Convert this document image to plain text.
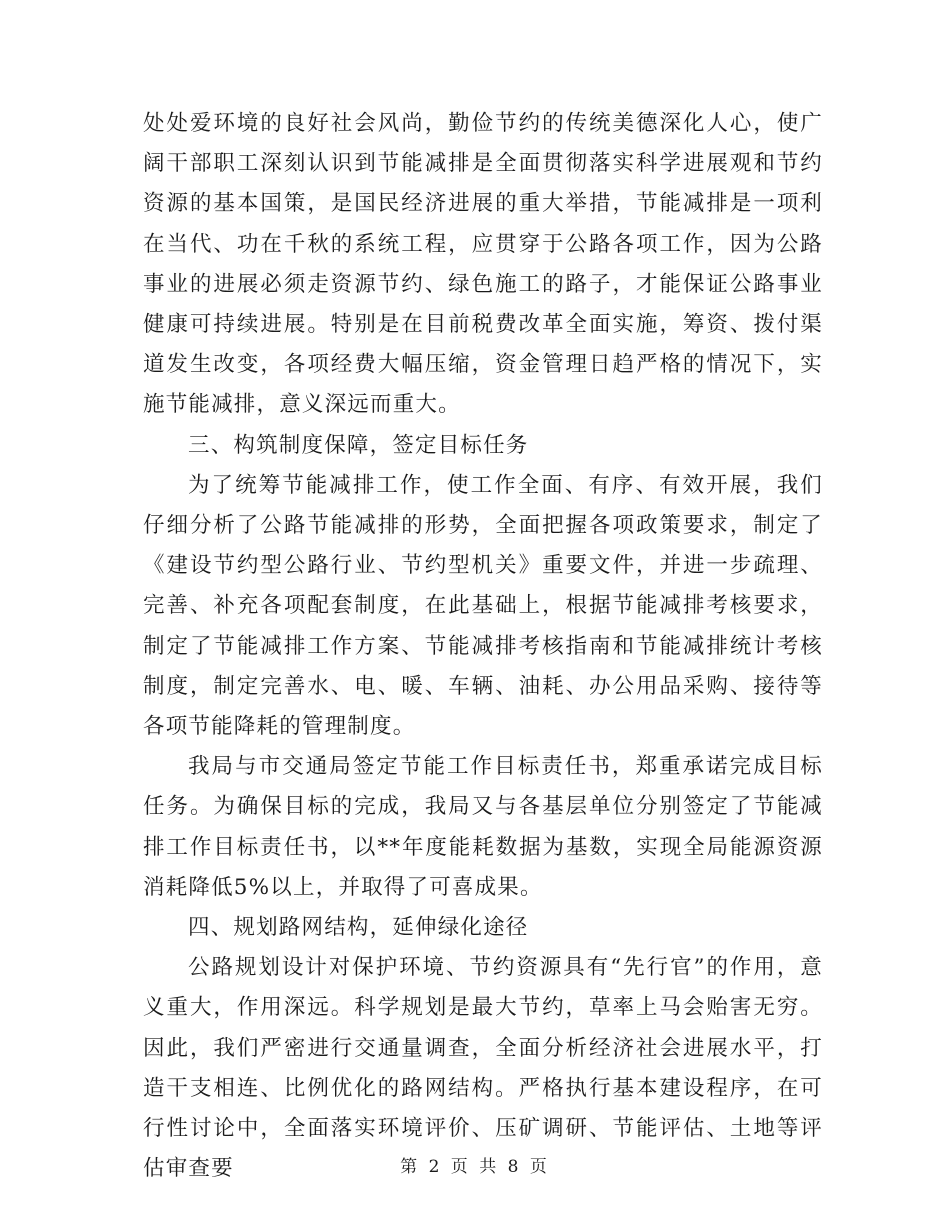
处处爱环境的良好社会风尚，勤俭节约的传统美德深化人心，使广阔干部职工深刻认识到节能减排是全面贯彻落实科学进展观和节约资源的基本国策，是国民经济进展的重大举措，节能减排是一项利在当代、功在千秋的系统工程，应贯穿于公路各项工作，因为公路事业的进展必须走资源节约、绿色施工的路子，才能保证公路事业健康可持续进展。特别是在目前税费改革全面实施，筹资、拨付渠道发生改变，各项经费大幅压缩，资金管理日趋严格的情况下，实施节能减排，意义深远而重大。

三、构筑制度保障，签定目标任务

为了统筹节能减排工作，使工作全面、有序、有效开展，我们仔细分析了公路节能减排的形势，全面把握各项政策要求，制定了《建设节约型公路行业、节约型机关》重要文件，并进一步疏理、完善、补充各项配套制度，在此基础上，根据节能减排考核要求，制定了节能减排工作方案、节能减排考核指南和节能减排统计考核制度，制定完善水、电、暖、车辆、油耗、办公用品采购、接待等各项节能降耗的管理制度。

我局与市交通局签定节能工作目标责任书，郑重承诺完成目标任务。为确保目标的完成，我局又与各基层单位分别签定了节能减排工作目标责任书，以**年度能耗数据为基数，实现全局能源资源消耗降低5%以上，并取得了可喜成果。

四、规划路网结构，延伸绿化途径

公路规划设计对保护环境、节约资源具有“先行官”的作用，意义重大，作用深远。科学规划是最大节约，草率上马会贻害无穷。因此，我们严密进行交通量调查，全面分析经济社会进展水平，打造干支相连、比例优化的路网结构。严格执行基本建设程序，在可行性讨论中，全面落实环境评价、压矿调研、节能评估、土地等评估审查要	第 2 页 共 8 页
